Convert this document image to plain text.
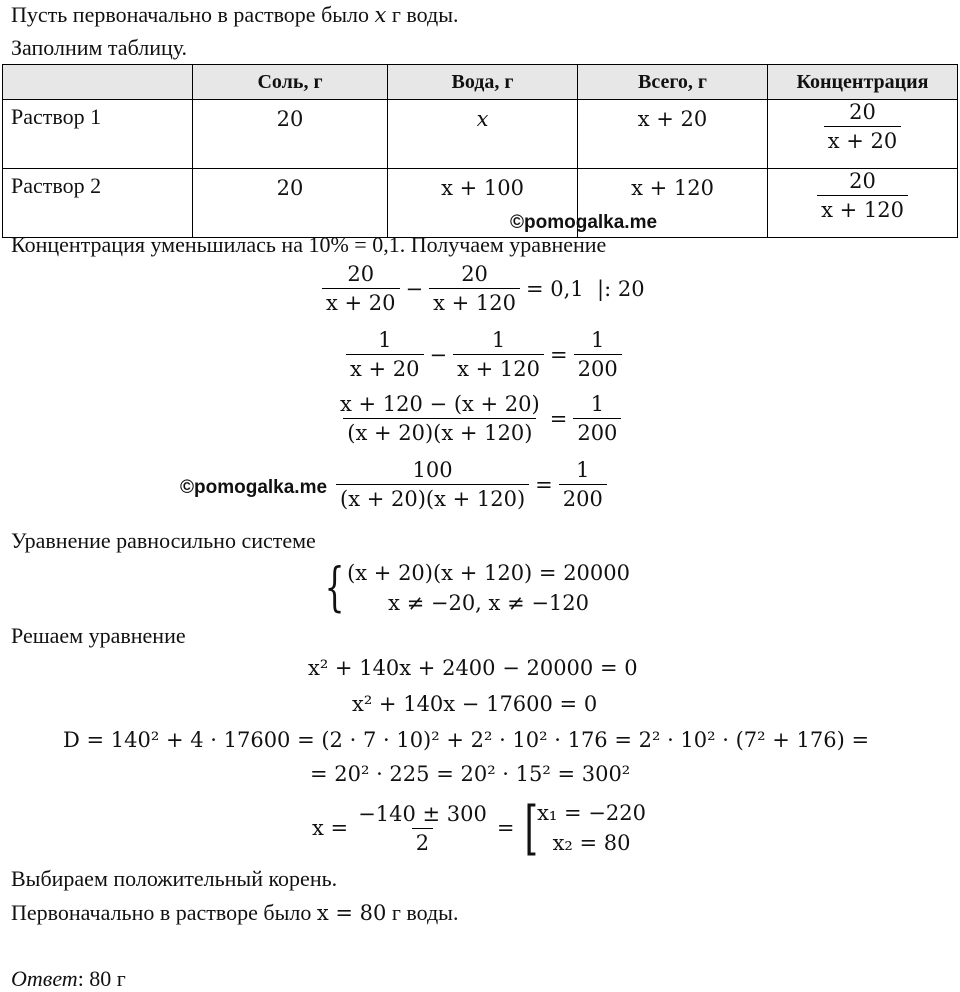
Пусть первоначально в растворе было x г воды.
Заполним таблицу.
	Соль, г	Вода, г	Всего, г	Концентрация
Раствор 1	20	x	x + 20	$\frac{20}{x + 20}$

Раствор 2	20	x + 100	x + 120	$\frac{20}{x + 120}$
©pomogalka.me
Концентрация уменьшилась на 10% = 0,1. Получаем уравнение
$\frac{20}{x + 20} - \frac{20}{x + 120} = 0,1$  |: 20
$\frac{1}{x + 20} - \frac{1}{x + 120} = \frac{1}{200}$
$\frac{x + 120 - (x + 20)}{(x + 20)(x + 120)} = \frac{1}{200}$
©pomogalka.me $\frac{100}{(x + 20)(x + 120)} = \frac{1}{200}$
Уравнение равносильно системе
{ (x + 20)(x + 120) = 20000
x ≠ −20, x ≠ −120
Решаем уравнение
x² + 140x + 2400 − 20000 = 0
x² + 140x − 17600 = 0
D = 140² + 4 · 17600 = (2 · 7 · 10)² + 2² · 10² · 176 = 2² · 10² · (7² + 176) =
= 20² · 225 = 20² · 15² = 300²
$x = \frac{-140 \pm 300}{2}$ = [
x₁ = −220
x₂ = 80
Выбираем положительный корень.
Первоначально в растворе было x = 80 г воды.
Ответ: 80 г
